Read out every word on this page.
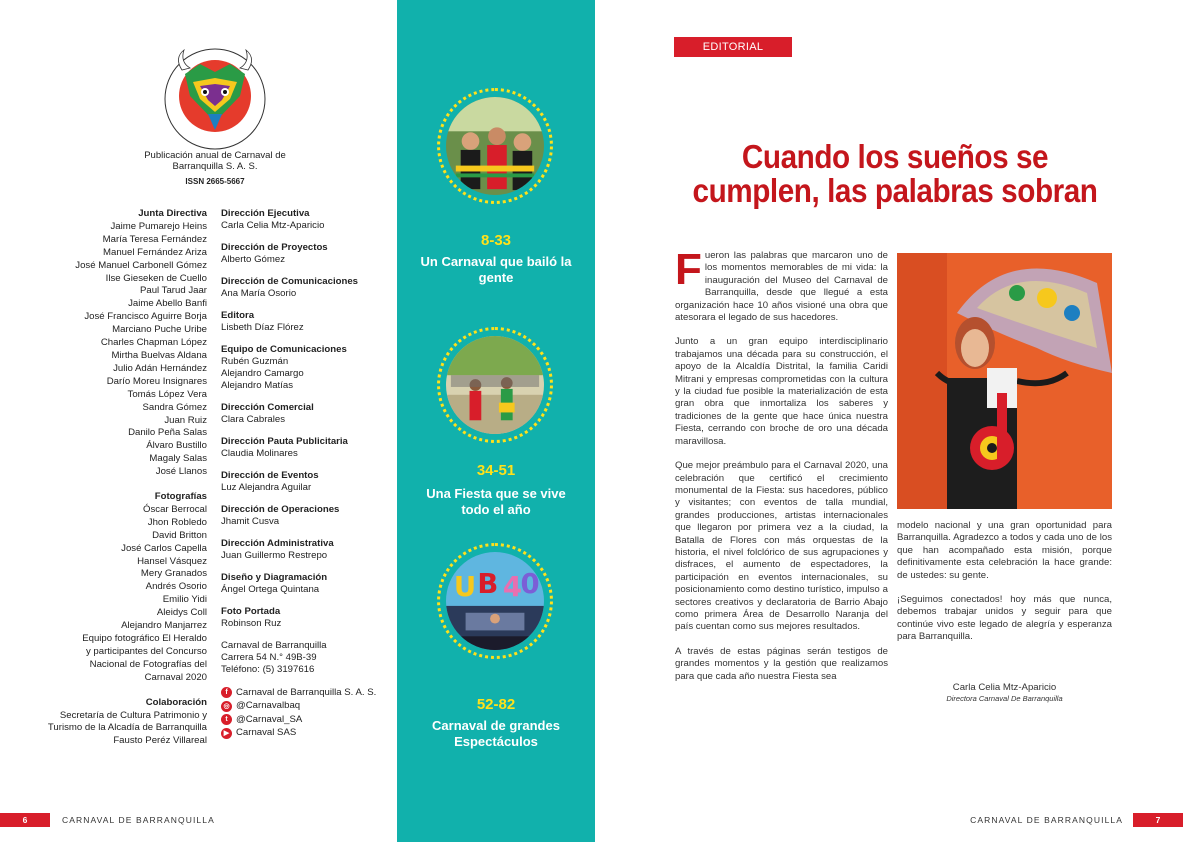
Publicación anual de Carnaval de Barranquilla S. A. S.
ISSN 2665-5667
Junta Directiva
Jaime Pumarejo Heins
María Teresa Fernández
Manuel Fernández Ariza
José Manuel Carbonell Gómez
Ilse Gieseken de Cuello
Paul Tarud Jaar
Jaime Abello Banfi
José Francisco Aguirre Borja
Marciano Puche Uribe
Charles Chapman López
Mirtha Buelvas Aldana
Julio Adán Hernández
Darío Moreu Insignares
Tomás López Vera
Sandra Gómez
Juan Ruiz
Danilo Peña Salas
Álvaro Bustillo
Magaly Salas
José Llanos
Fotografías
Óscar Berrocal
Jhon Robledo
David Britton
José Carlos Capella
Hansel Vásquez
Mery Granados
Andrés Osorio
Emilio Yidi
Aleidys Coll
Alejandro Manjarrez
Equipo fotográfico El Heraldo
y participantes del Concurso
Nacional de Fotografías del
Carnaval 2020
Colaboración
Secretaría de Cultura Patrimonio y
Turismo de la Alcadía de Barranquilla
Fausto Peréz Villareal
Dirección Ejecutiva
Carla Celia Mtz-Aparicio
Dirección de Proyectos
Alberto Gómez
Dirección de Comunicaciones
Ana María Osorio
Editora
Lisbeth Díaz Flórez
Equipo de Comunicaciones
Rubén Guzmán
Alejandro Camargo
Alejandro Matías
Dirección Comercial
Clara Cabrales
Dirección Pauta Publicitaria
Claudia Molinares
Dirección de Eventos
Luz Alejandra Aguilar
Dirección de Operaciones
Jhamit Cusva
Dirección Administrativa
Juan Guillermo Restrepo
Diseño y Diagramación
Ángel Ortega Quintana
Foto Portada
Robinson Ruz
Carnaval de Barranquilla
Carrera 54 N.° 49B-39
Teléfono: (5) 3197616
f Carnaval de Barranquilla S. A. S.
◎ @Carnavalbaq
t @Carnaval_SA
▶ Carnaval SAS
6	CARNAVAL DE BARRANQUILLA
8-33
Un Carnaval que bailó la gente
34-51
Una Fiesta que se vive todo el año
U B 4
0
52-82
Carnaval de grandes Espectáculos
EDITORIAL
Cuando los sueños se cumplen, las palabras sobran

Fueron las palabras que marcaron uno de los momentos memorables de mi vida: la inauguración del Museo del Carnaval de Barranquilla, desde que llegué a esta organización hace 10 años visioné una obra que atesorara el legado de sus hacedores.

Junto a un gran equipo interdisciplinario trabajamos una década para su construcción, el apoyo de la Alcaldía Distrital, la familia Caridi Mitrani y empresas comprometidas con la cultura y la ciudad fue posible la materialización de esta gran obra que inmortaliza los saberes y tradiciones de la gente que hace única nuestra Fiesta, cerrando con broche de oro una década maravillosa.

Que mejor preámbulo para el Carnaval 2020, una celebración que certificó el crecimiento monumental de la Fiesta: sus hacedores, público y visitantes; con eventos de talla mundial, grandes producciones, artistas internacionales que llegaron por primera vez a la ciudad, la Batalla de Flores con más orquestas de la historia, el nivel folclórico de sus agrupaciones y disfraces, el aumento de espectadores, la participación en eventos internacionales, su posicionamiento como destino turístico, impulso a sectores creativos y declaratoria de Barrio Abajo como primera Área de Desarrollo Naranja del país cuentan como sus mejores resultados.

A través de estas páginas serán testigos de grandes momentos y la gestión que realizamos para que cada año nuestra Fiesta sea

modelo nacional y una gran oportunidad para Barranquilla. Agradezco a todos y cada uno de los que han acompañado esta misión, porque definitivamente esta celebración la hace grande: de ustedes: su gente.

¡Seguimos conectados! hoy más que nunca, debemos trabajar unidos y seguir para que continúe vivo este legado de alegría y esperanza para Barranquilla.

Carla Celia Mtz-Aparicio
Directora Carnaval De Barranquilla
CARNAVAL DE BARRANQUILLA	7
